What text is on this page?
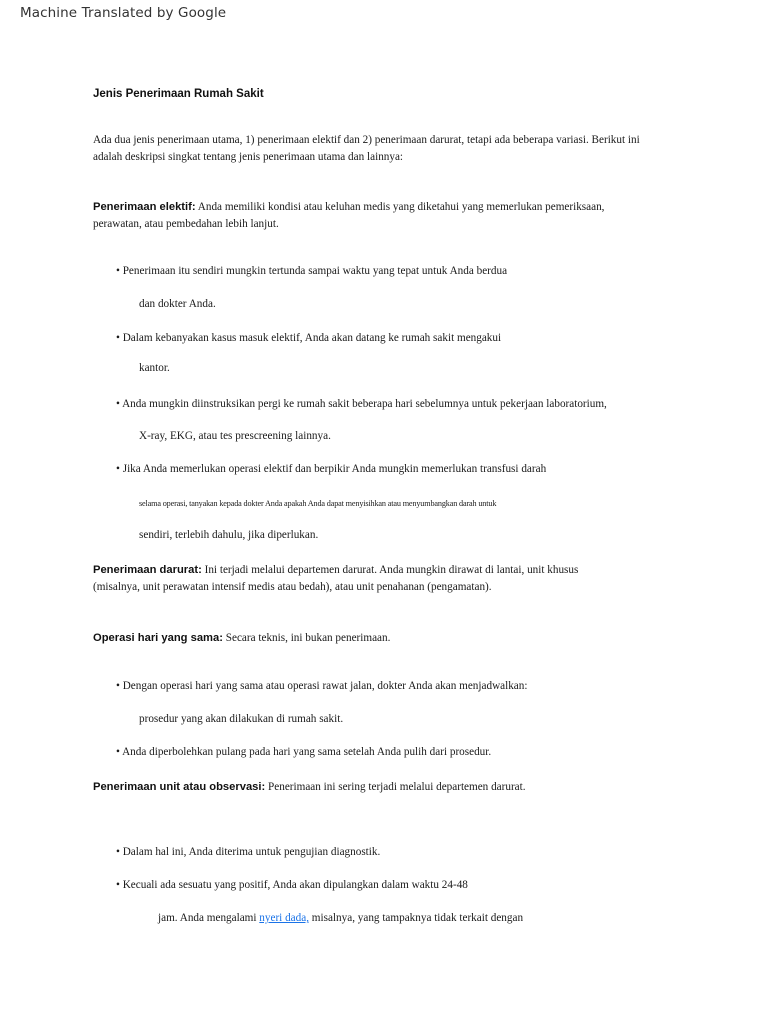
Machine Translated by Google
Jenis Penerimaan Rumah Sakit
Ada dua jenis penerimaan utama, 1) penerimaan elektif dan 2) penerimaan darurat, tetapi ada beberapa variasi. Berikut ini
adalah deskripsi singkat tentang jenis penerimaan utama dan lainnya:
Penerimaan elektif: Anda memiliki kondisi atau keluhan medis yang diketahui yang memerlukan pemeriksaan,
perawatan, atau pembedahan lebih lanjut.
• Penerimaan itu sendiri mungkin tertunda sampai waktu yang tepat untuk Anda berdua
dan dokter Anda.
• Dalam kebanyakan kasus masuk elektif, Anda akan datang ke rumah sakit mengakui
kantor.
• Anda mungkin diinstruksikan pergi ke rumah sakit beberapa hari sebelumnya untuk pekerjaan laboratorium,
X-ray, EKG, atau tes prescreening lainnya.
• Jika Anda memerlukan operasi elektif dan berpikir Anda mungkin memerlukan transfusi darah
selama operasi, tanyakan kepada dokter Anda apakah Anda dapat menyisihkan atau menyumbangkan darah untuk
sendiri, terlebih dahulu, jika diperlukan.
Penerimaan darurat: Ini terjadi melalui departemen darurat. Anda mungkin dirawat di lantai, unit khusus
(misalnya, unit perawatan intensif medis atau bedah), atau unit penahanan (pengamatan).
Operasi hari yang sama: Secara teknis, ini bukan penerimaan.
• Dengan operasi hari yang sama atau operasi rawat jalan, dokter Anda akan menjadwalkan:
prosedur yang akan dilakukan di rumah sakit.
• Anda diperbolehkan pulang pada hari yang sama setelah Anda pulih dari prosedur.
Penerimaan unit atau observasi: Penerimaan ini sering terjadi melalui departemen darurat.
• Dalam hal ini, Anda diterima untuk pengujian diagnostik.
• Kecuali ada sesuatu yang positif, Anda akan dipulangkan dalam waktu 24-48
jam. Anda mengalami nyeri dada, misalnya, yang tampaknya tidak terkait dengan
